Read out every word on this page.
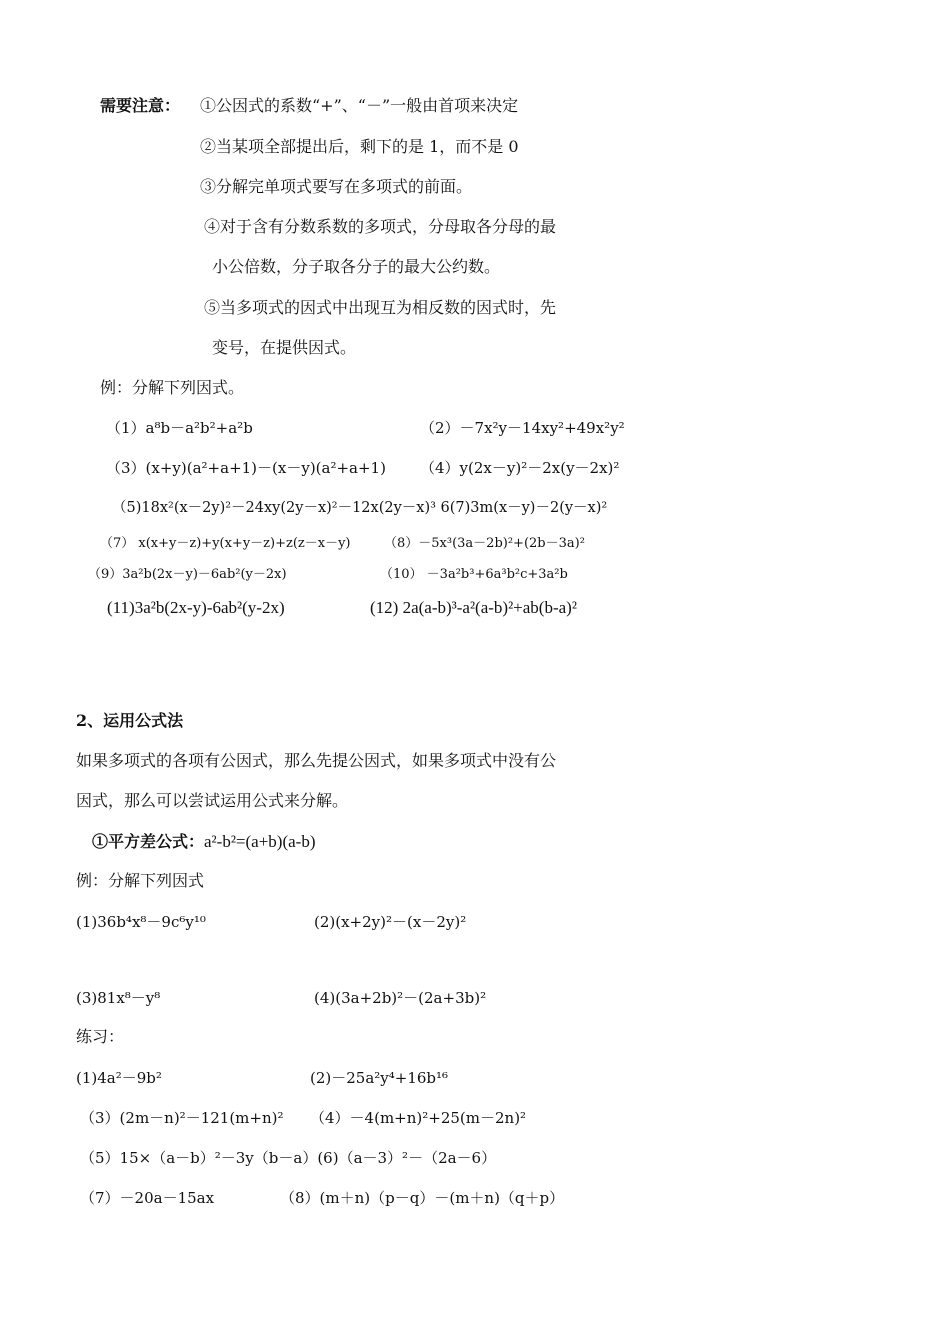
需要注意： ①公因式的系数“+”、“－”一般由首项来决定
②当某项全部提出后，剩下的是 1，而不是 0
③分解完单项式要写在多项式的前面。
④对于含有分数系数的多项式，分母取各分母的最
小公倍数，分子取各分子的最大公约数。
⑤当多项式的因式中出现互为相反数的因式时，先
变号，在提供因式。
例：分解下列因式。
（1）a⁸b－a²b²+a²b	（2）－7x²y－14xy²+49x²y²
（3）(x+y)(a²+a+1)－(x－y)(a²+a+1) （4）y(2x－y)²－2x(y－2x)²
（5)18x²(x－2y)²－24xy(2y－x)²－12x(2y－x)³ 6(7)3m(x－y)－2(y－x)²
（7） x(x+y－z)+y(x+y－z)+z(z－x－y)	（8）－5x³(3a－2b)²+(2b－3a)²
（9）3a²b(2x－y)－6ab²(y－2x)	（10） －3a²b³+6a³b²c+3a²b
(11)3a²b(2x-y)-6ab²(y-2x)	(12) 2a(a-b)³-a²(a-b)²+ab(b-a)²
2、运用公式法
如果多项式的各项有公因式，那么先提公因式，如果多项式中没有公
因式，那么可以尝试运用公式来分解。
①平方差公式：a²-b²=(a+b)(a-b)
例：分解下列因式
(1)36b⁴x⁸－9c⁶y¹⁰	(2)(x+2y)²－(x－2y)²
(3)81x⁸－y⁸	(4)(3a+2b)²－(2a+3b)²
练习：
(1)4a²－9b²	(2)－25a²y⁴+16b¹⁶
（3）(2m－n)²－121(m+n)² （4）－4(m+n)²+25(m－2n)²
（5）15×（a－b）²－3y（b－a）(6)（a－3）²－（2a－6）
（7）－20a－15ax	（8）(m＋n)（p－q）－(m＋n)（q＋p）
